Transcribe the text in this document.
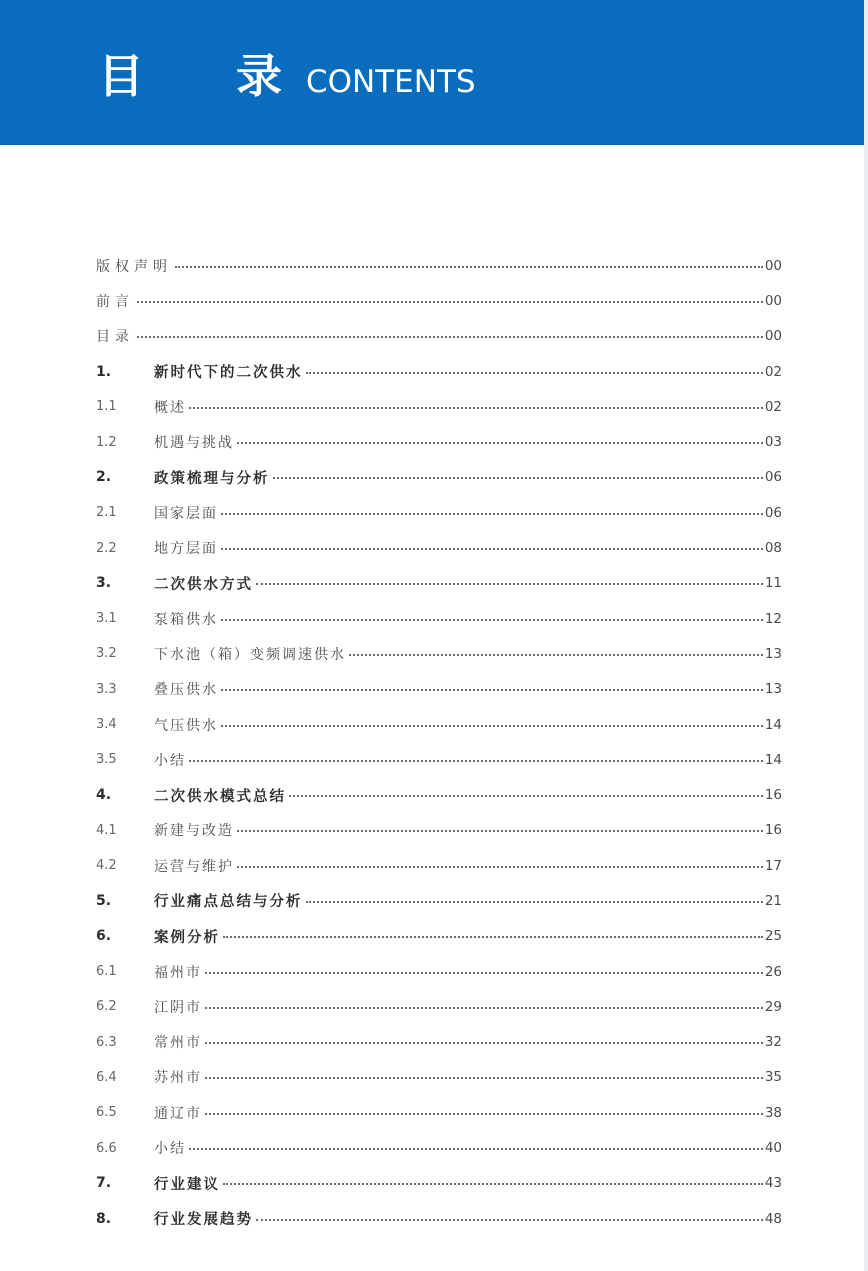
目 录
CONTENTS
版权声明	00
前言	00
目录	00
1.	新时代下的二次供水	02
1.1	概述	02
1.2	机遇与挑战	03
2.	政策梳理与分析	06
2.1	国家层面	06
2.2	地方层面	08
3.	二次供水方式	11
3.1	泵箱供水	12
3.2	下水池（箱）变频调速供水	13
3.3	叠压供水	13
3.4	气压供水	14
3.5	小结	14
4.	二次供水模式总结	16
4.1	新建与改造	16
4.2	运营与维护	17
5.	行业痛点总结与分析	21
6.	案例分析	25
6.1	福州市	26
6.2	江阴市	29
6.3	常州市	32
6.4	苏州市	35
6.5	通辽市	38
6.6	小结	40
7.	行业建议	43
8.	行业发展趋势	48
